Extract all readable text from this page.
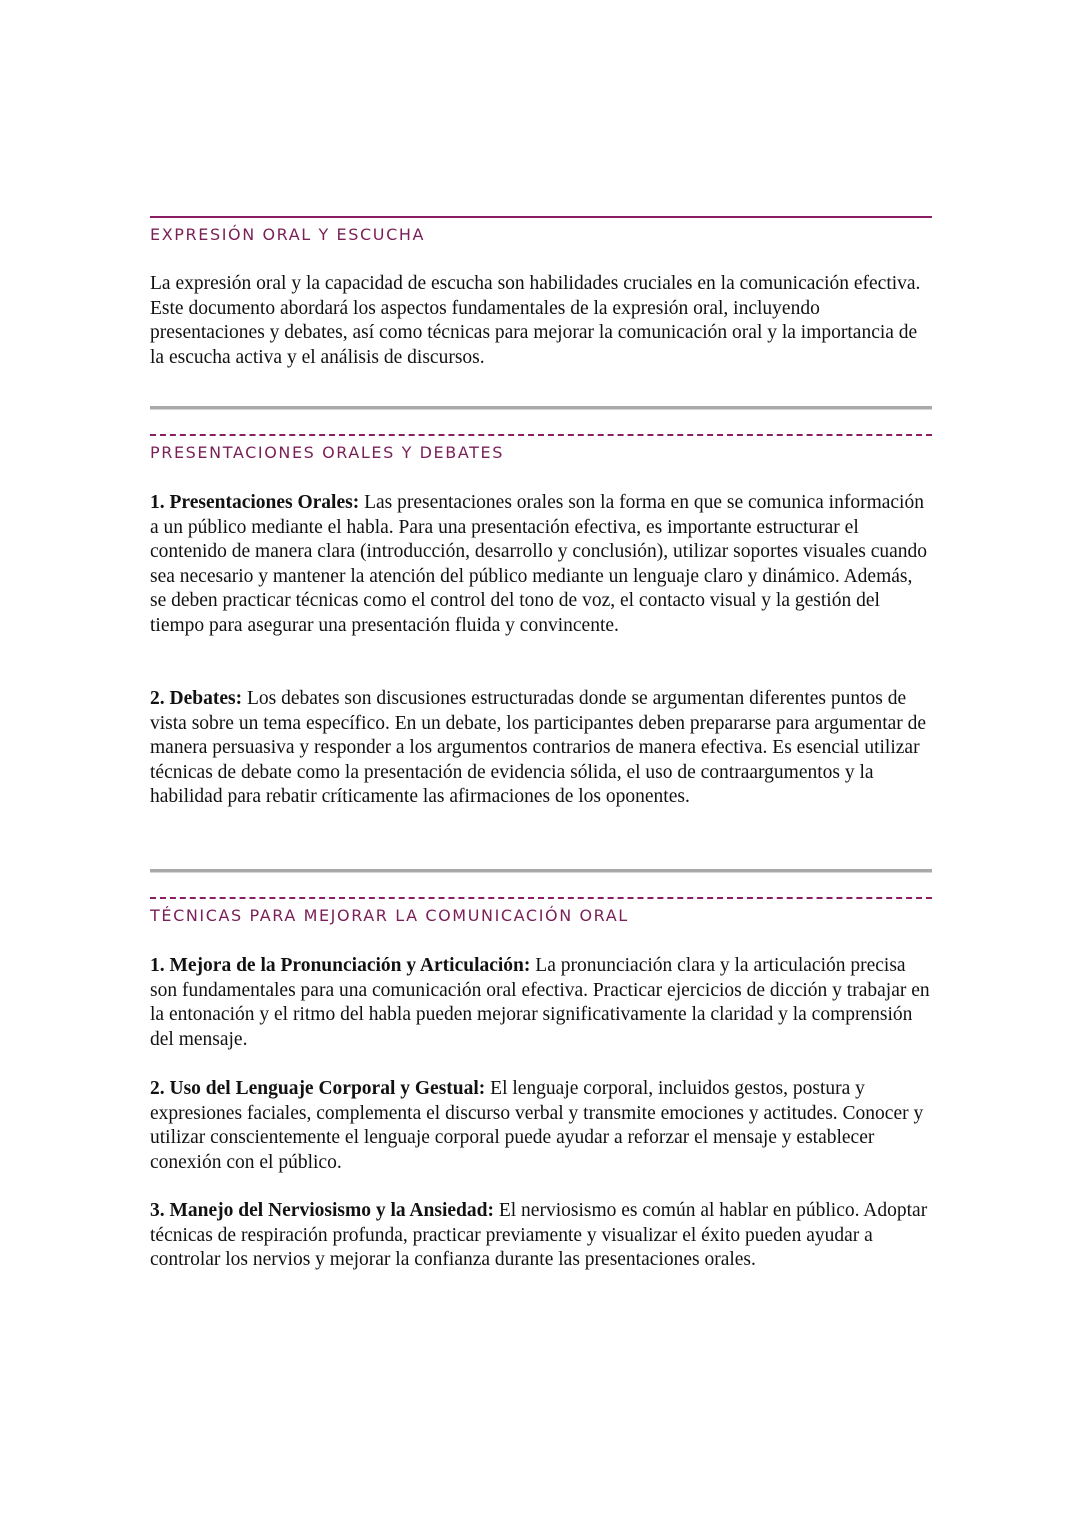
EXPRESIÓN ORAL Y ESCUCHA

La expresión oral y la capacidad de escucha son habilidades cruciales en la comunicación efectiva. Este documento abordará los aspectos fundamentales de la expresión oral, incluyendo presentaciones y debates, así como técnicas para mejorar la comunicación oral y la importancia de la escucha activa y el análisis de discursos.

PRESENTACIONES ORALES Y DEBATES

1. Presentaciones Orales: Las presentaciones orales son la forma en que se comunica información a un público mediante el habla. Para una presentación efectiva, es importante estructurar el contenido de manera clara (introducción, desarrollo y conclusión), utilizar soportes visuales cuando sea necesario y mantener la atención del público mediante un lenguaje claro y dinámico. Además, se deben practicar técnicas como el control del tono de voz, el contacto visual y la gestión del tiempo para asegurar una presentación fluida y convincente.

2. Debates: Los debates son discusiones estructuradas donde se argumentan diferentes puntos de vista sobre un tema específico. En un debate, los participantes deben prepararse para argumentar de manera persuasiva y responder a los argumentos contrarios de manera efectiva. Es esencial utilizar técnicas de debate como la presentación de evidencia sólida, el uso de contraargumentos y la habilidad para rebatir críticamente las afirmaciones de los oponentes.

TÉCNICAS PARA MEJORAR LA COMUNICACIÓN ORAL

1. Mejora de la Pronunciación y Articulación: La pronunciación clara y la articulación precisa son fundamentales para una comunicación oral efectiva. Practicar ejercicios de dicción y trabajar en la entonación y el ritmo del habla pueden mejorar significativamente la claridad y la comprensión del mensaje.

2. Uso del Lenguaje Corporal y Gestual: El lenguaje corporal, incluidos gestos, postura y expresiones faciales, complementa el discurso verbal y transmite emociones y actitudes. Conocer y utilizar conscientemente el lenguaje corporal puede ayudar a reforzar el mensaje y establecer conexión con el público.

3. Manejo del Nerviosismo y la Ansiedad: El nerviosismo es común al hablar en público. Adoptar técnicas de respiración profunda, practicar previamente y visualizar el éxito pueden ayudar a controlar los nervios y mejorar la confianza durante las presentaciones orales.
